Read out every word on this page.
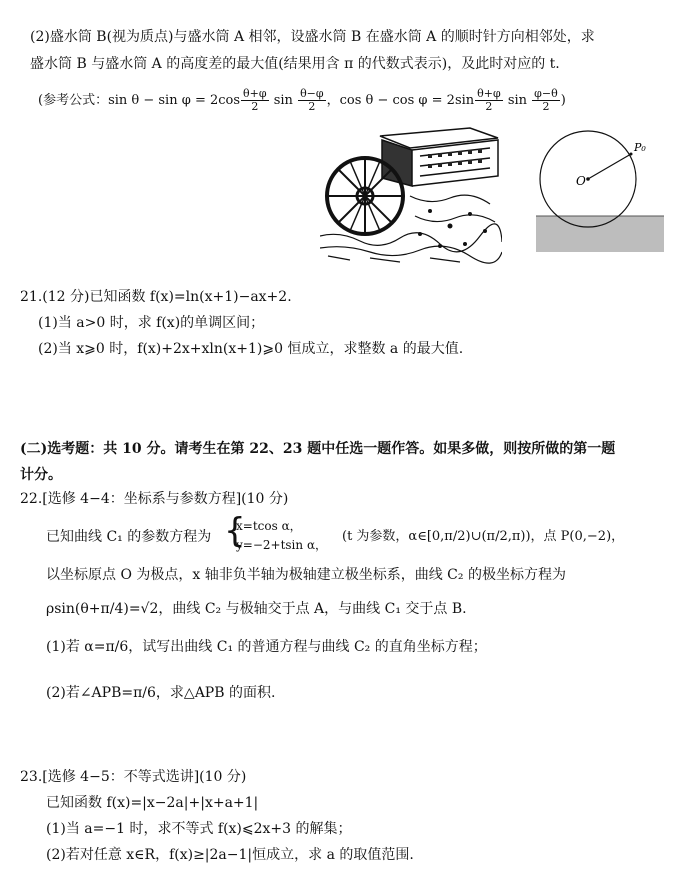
(2)盛水筒 B(视为质点)与盛水筒 A 相邻，设盛水筒 B 在盛水筒 A 的顺时针方向相邻处，求
盛水筒 B 与盛水筒 A 的高度差的最大值(结果用含 π 的代数式表示)，及此时对应的 t.
(参考公式：$\sin \theta - \sin \varphi = 2\cos \frac{\theta+\varphi}{2}$ $\sin \frac{\theta-\varphi}{2}$ ，$\cos \theta - \cos \varphi = 2\sin \frac{\theta+\varphi}{2}$ $\sin \frac{\varphi-\theta}{2}$ )
O
P₀
21.(12 分)已知函数 f(x)=ln(x+1)−ax+2.
(1)当 a>0 时，求 f(x)的单调区间；
(2)当 x⩾0 时，f(x)+2x+xln(x+1)⩾0 恒成立，求整数 a 的最大值.
(二)选考题：共 10 分。请考生在第 22、23 题中任选一题作答。如果多做，则按所做的第一题
计分。
22.[选修 4−4：坐标系与参数方程](10 分)
已知曲线 C₁ 的参数方程为 {
x=tcos α，
y=−2+tsin α，
(t 为参数，α∈[0,π/2)∪(π/2,π))，点 P(0,−2)，
以坐标原点 O 为极点，x 轴非负半轴为极轴建立极坐标系，曲线 C₂ 的极坐标方程为
ρsin(θ+π/4)=√2，曲线 C₂ 与极轴交于点 A，与曲线 C₁ 交于点 B.
(1)若 α=π/6，试写出曲线 C₁ 的普通方程与曲线 C₂ 的直角坐标方程；
(2)若∠APB=π/6，求△APB 的面积.
23.[选修 4−5：不等式选讲](10 分)
已知函数 f(x)=|x−2a|+|x+a+1|
(1)当 a=−1 时，求不等式 f(x)⩽2x+3 的解集；
(2)若对任意 x∈R，f(x)≥|2a−1|恒成立，求 a 的取值范围.
